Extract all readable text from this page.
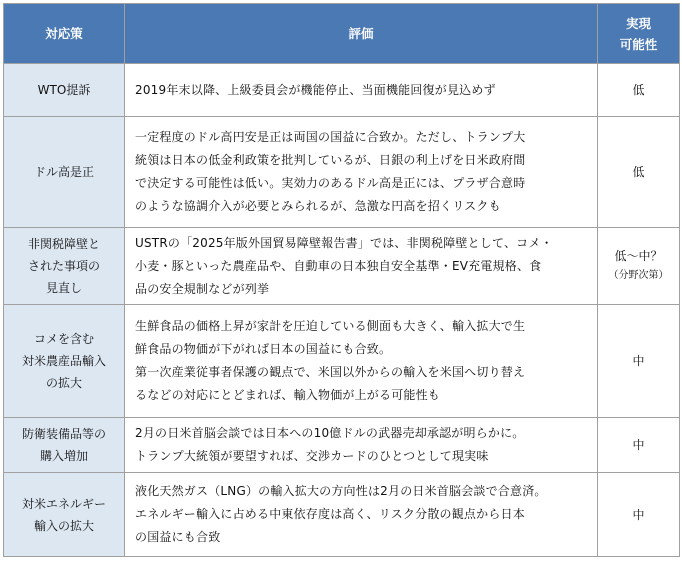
対応策	評価	実現
可能性

WTO提訴	2019年末以降、上級委員会が機能停止、当面機能回復が見込めず	低

ドル高是正	一定程度のドル高円安是正は両国の国益に合致か。ただし、トランプ大
統領は日本の低金利政策を批判しているが、日銀の利上げを日米政府間
で決定する可能性は低い。実効力のあるドル高是正には、プラザ合意時
のような協調介入が必要とみられるが、急激な円高を招くリスクも	低

非関税障壁と
された事項の
見直し	USTRの「2025年版外国貿易障壁報告書」では、非関税障壁として、コメ・
小麦・豚といった農産品や、自動車の日本独自安全基準・EV充電規格、食
品の安全規制などが列挙	低～中？
（分野次第）

コメを含む
対米農産品輸入
の拡大	生鮮食品の価格上昇が家計を圧迫している側面も大きく、輸入拡大で生
鮮食品の物価が下がれば日本の国益にも合致。
第一次産業従事者保護の観点で、米国以外からの輸入を米国へ切り替え
るなどの対応にとどまれば、輸入物価が上がる可能性も	中

防衛装備品等の
購入増加	2月の日米首脳会談では日本への10億ドルの武器売却承認が明らかに。
トランプ大統領が要望すれば、交渉カードのひとつとして現実味	中

対米エネルギー
輸入の拡大	液化天然ガス（LNG）の輸入拡大の方向性は2月の日米首脳会談で合意済。
エネルギー輸入に占める中東依存度は高く、リスク分散の観点から日本
の国益にも合致	中
